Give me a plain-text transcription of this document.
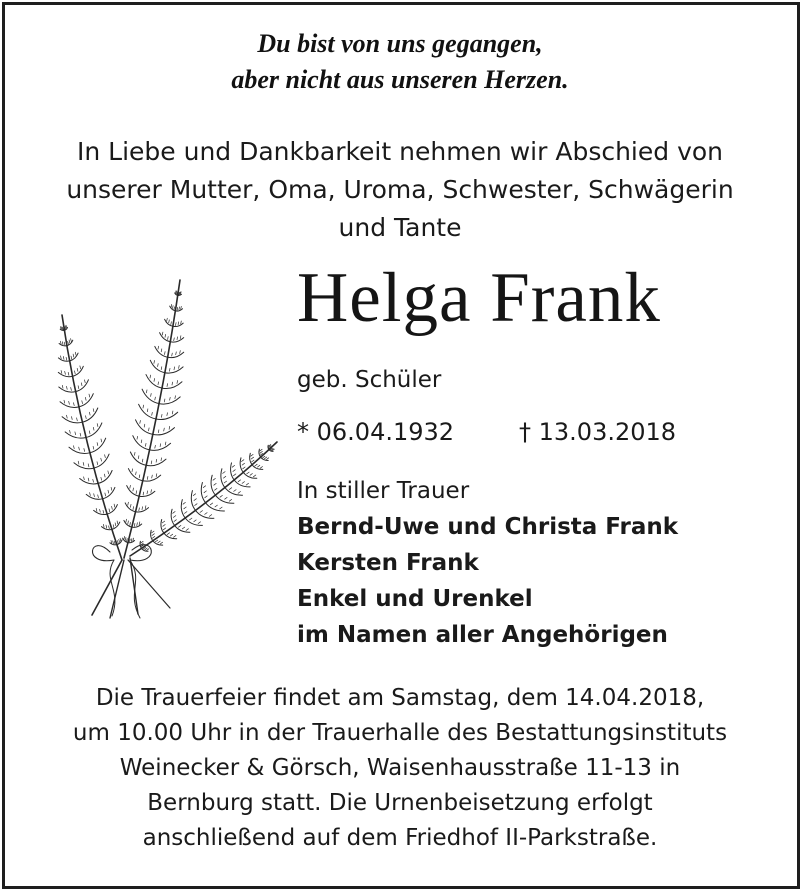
Du bist von uns gegangen,
aber nicht aus unseren Herzen.
In Liebe und Dankbarkeit nehmen wir Abschied von
unserer Mutter, Oma, Uroma, Schwester, Schwägerin
und Tante
Helga Frank
geb. Schüler
* 06.04.1932	† 13.03.2018
In stiller Trauer
Bernd-Uwe und Christa Frank
Kersten Frank
Enkel und Urenkel
im Namen aller Angehörigen
Die Trauerfeier findet am Samstag, dem 14.04.2018,
um 10.00 Uhr in der Trauerhalle des Bestattungsinstituts
Weinecker & Görsch, Waisenhausstraße 11-13 in
Bernburg statt. Die Urnenbeisetzung erfolgt
anschließend auf dem Friedhof II-Parkstraße.
